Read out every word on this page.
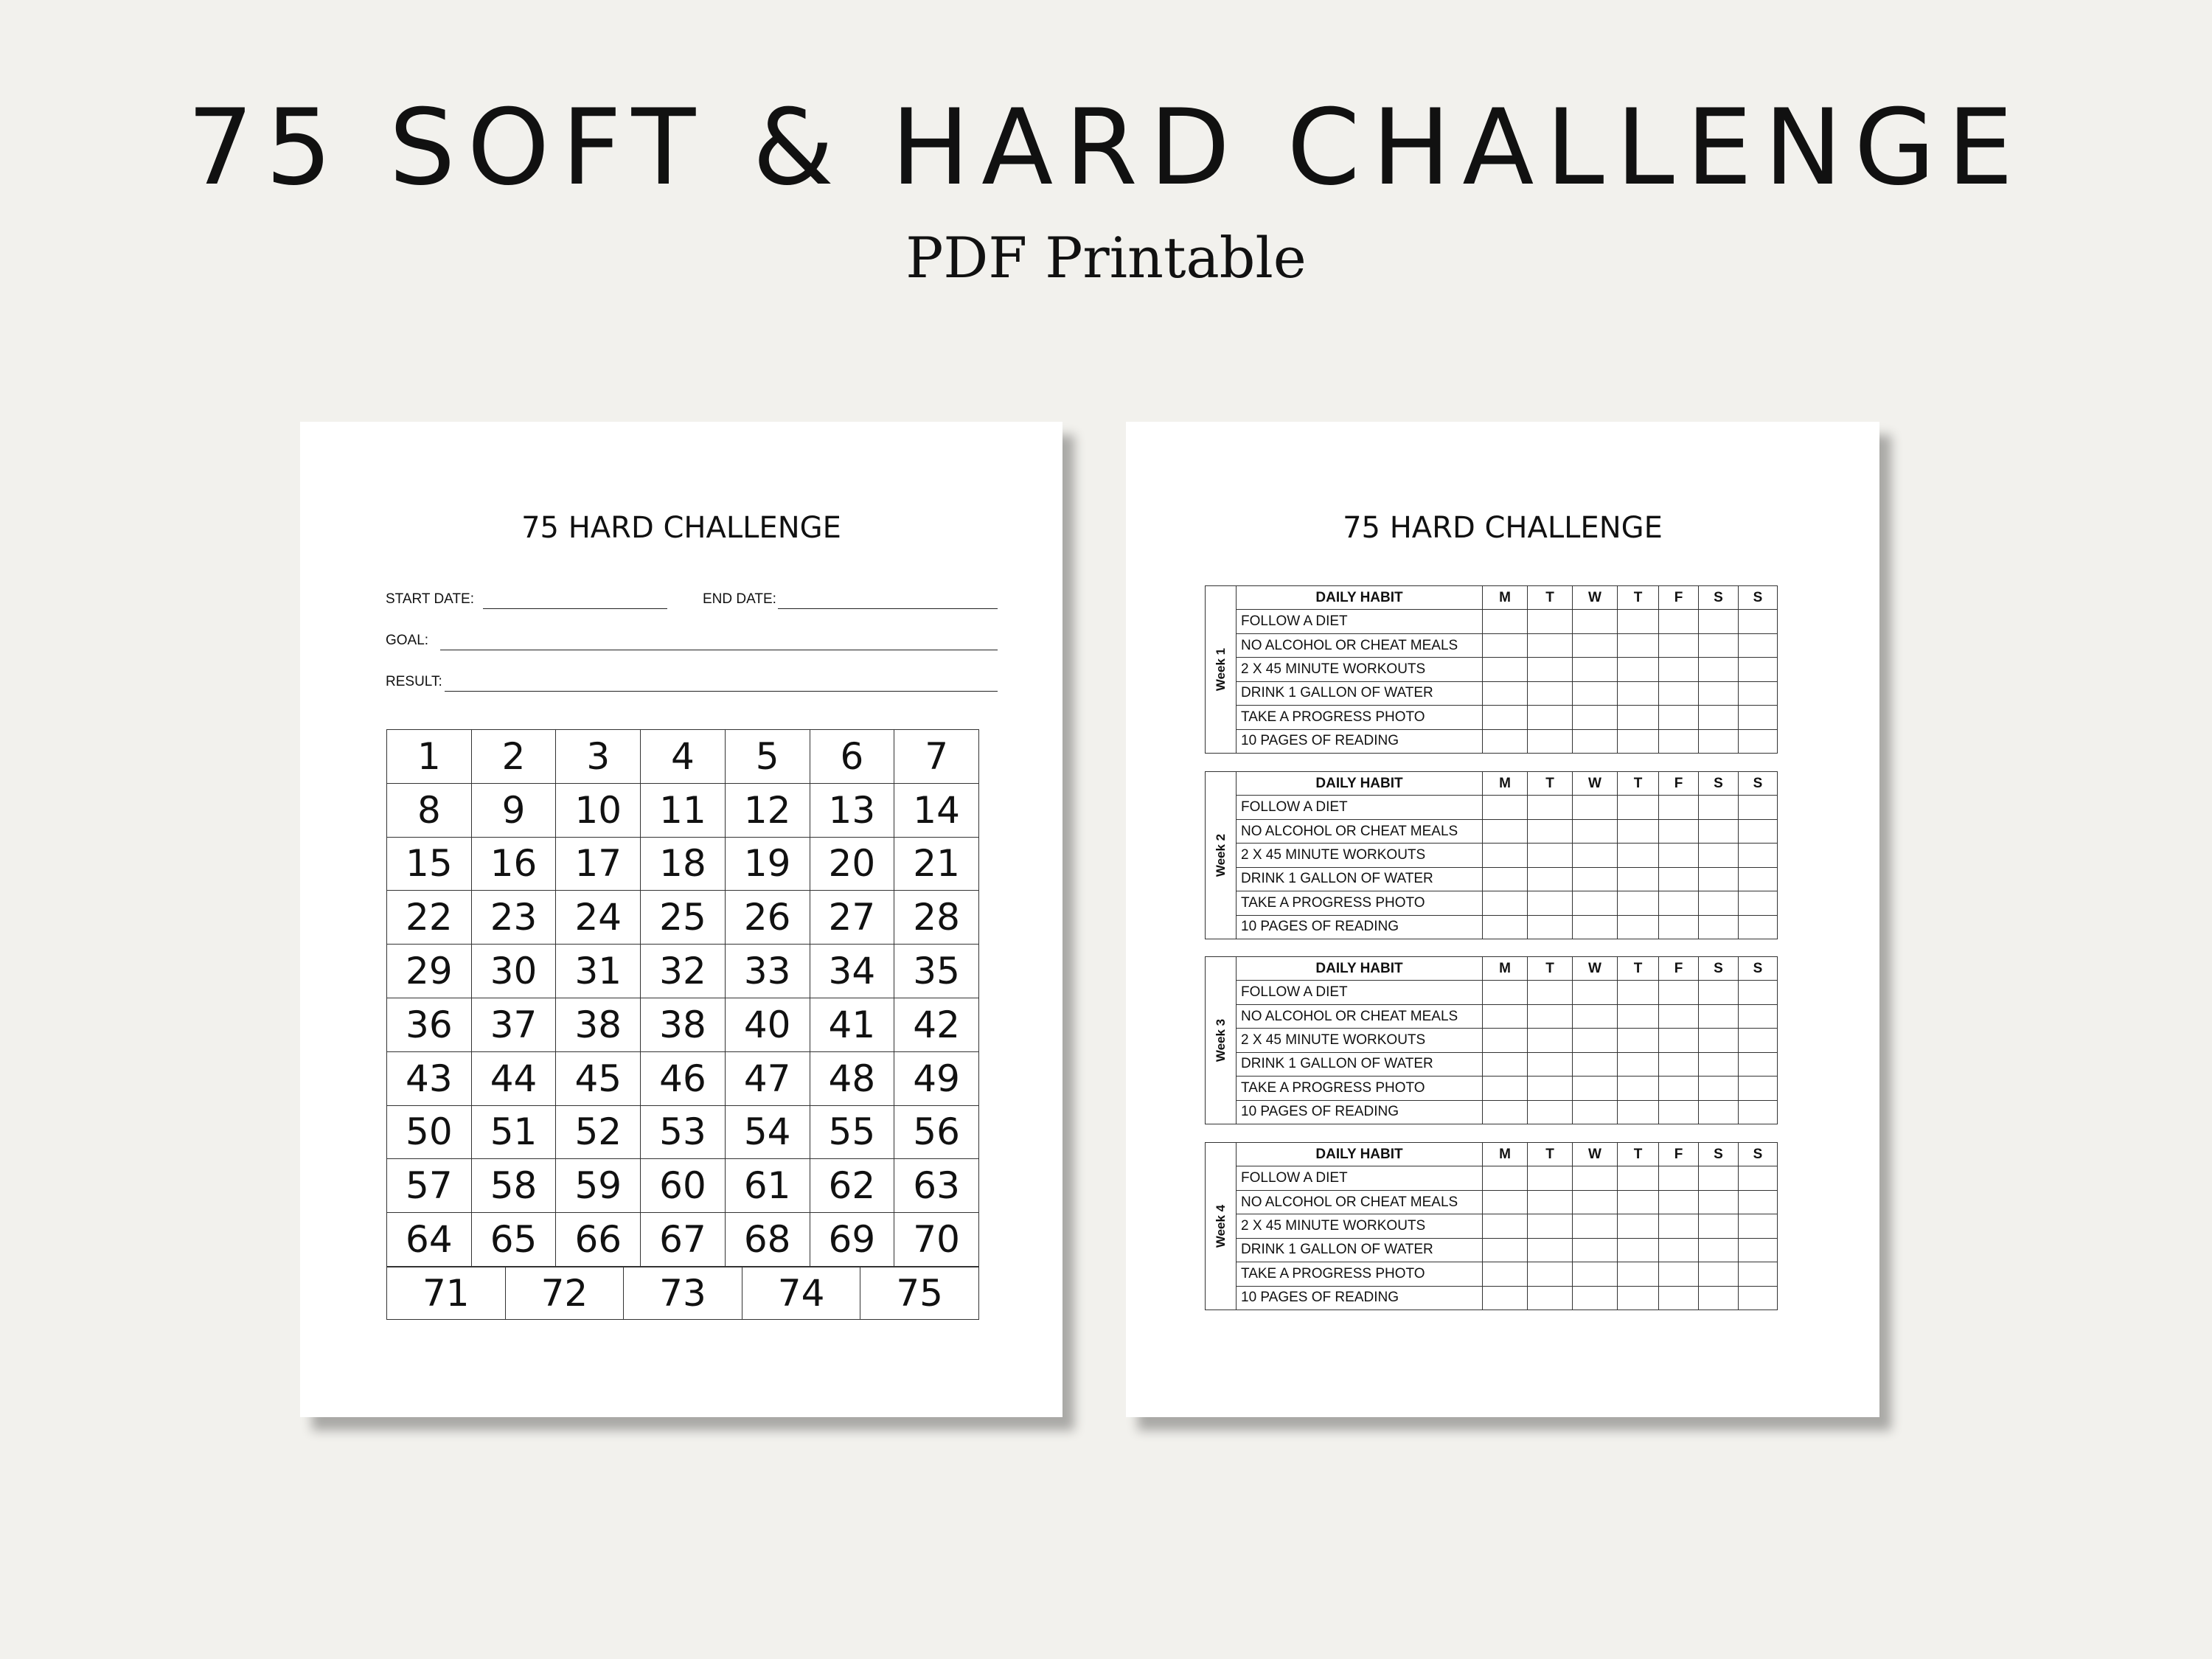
75 SOFT & HARD CHALLENGE
PDF Printable
75 HARD CHALLENGE
START DATE:	END DATE:
GOAL:
RESULT:
1	2	3	4	5	6	7
8	9	10	11	12	13	14
15	16	17	18	19	20	21
22	23	24	25	26	27	28
29	30	31	32	33	34	35
36	37	38	38	40	41	42
43	44	45	46	47	48	49
50	51	52	53	54	55	56
57	58	59	60	61	62	63
64	65	66	67	68	69	70
71	72	73	74	75
75 HARD CHALLENGE
Week 1
DAILY HABIT	M	T	W	T	F	S	S
FOLLOW A DIET							
NO ALCOHOL OR CHEAT MEALS							
2 X 45 MINUTE WORKOUTS							
DRINK 1 GALLON OF WATER							
TAKE A PROGRESS PHOTO							
10 PAGES OF READING							
Week 2
DAILY HABIT	M	T	W	T	F	S	S
FOLLOW A DIET							
NO ALCOHOL OR CHEAT MEALS							
2 X 45 MINUTE WORKOUTS							
DRINK 1 GALLON OF WATER							
TAKE A PROGRESS PHOTO							
10 PAGES OF READING							
Week 3
DAILY HABIT	M	T	W	T	F	S	S
FOLLOW A DIET							
NO ALCOHOL OR CHEAT MEALS							
2 X 45 MINUTE WORKOUTS							
DRINK 1 GALLON OF WATER							
TAKE A PROGRESS PHOTO							
10 PAGES OF READING							
Week 4
DAILY HABIT	M	T	W	T	F	S	S
FOLLOW A DIET							
NO ALCOHOL OR CHEAT MEALS							
2 X 45 MINUTE WORKOUTS							
DRINK 1 GALLON OF WATER							
TAKE A PROGRESS PHOTO							
10 PAGES OF READING							
